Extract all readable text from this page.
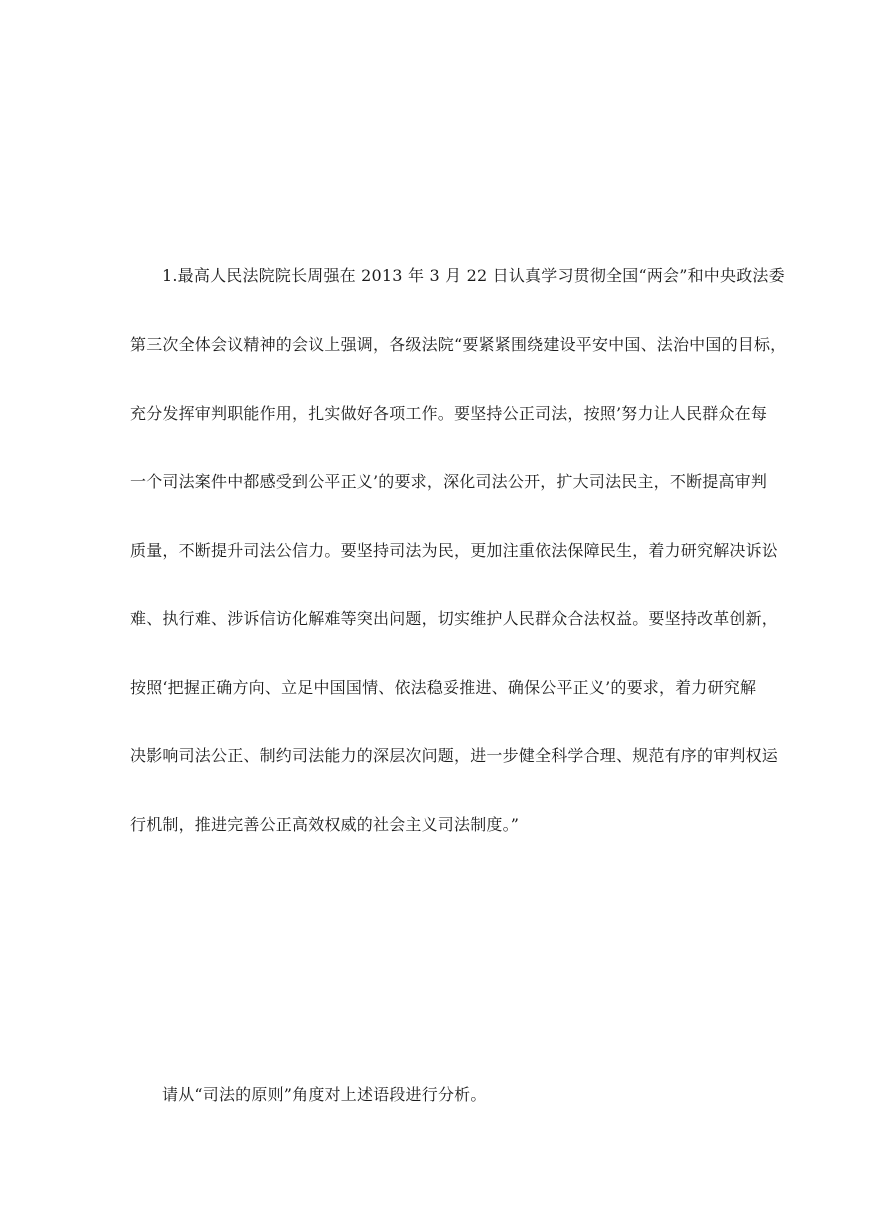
1.最高人民法院院长周强在 2013 年 3 月 22 日认真学习贯彻全国“两会”和中央政法委
第三次全体会议精神的会议上强调，各级法院“要紧紧围绕建设平安中国、法治中国的目标，
充分发挥审判职能作用，扎实做好各项工作。要坚持公正司法，按照’努力让人民群众在每
一个司法案件中都感受到公平正义’的要求，深化司法公开，扩大司法民主，不断提高审判
质量，不断提升司法公信力。要坚持司法为民，更加注重依法保障民生，着力研究解决诉讼
难、执行难、涉诉信访化解难等突出问题，切实维护人民群众合法权益。要坚持改革创新，
按照‘把握正确方向、立足中国国情、依法稳妥推进、确保公平正义’的要求，着力研究解
决影响司法公正、制约司法能力的深层次问题，进一步健全科学合理、规范有序的审判权运
行机制，推进完善公正高效权威的社会主义司法制度。”
请从“司法的原则”角度对上述语段进行分析。
